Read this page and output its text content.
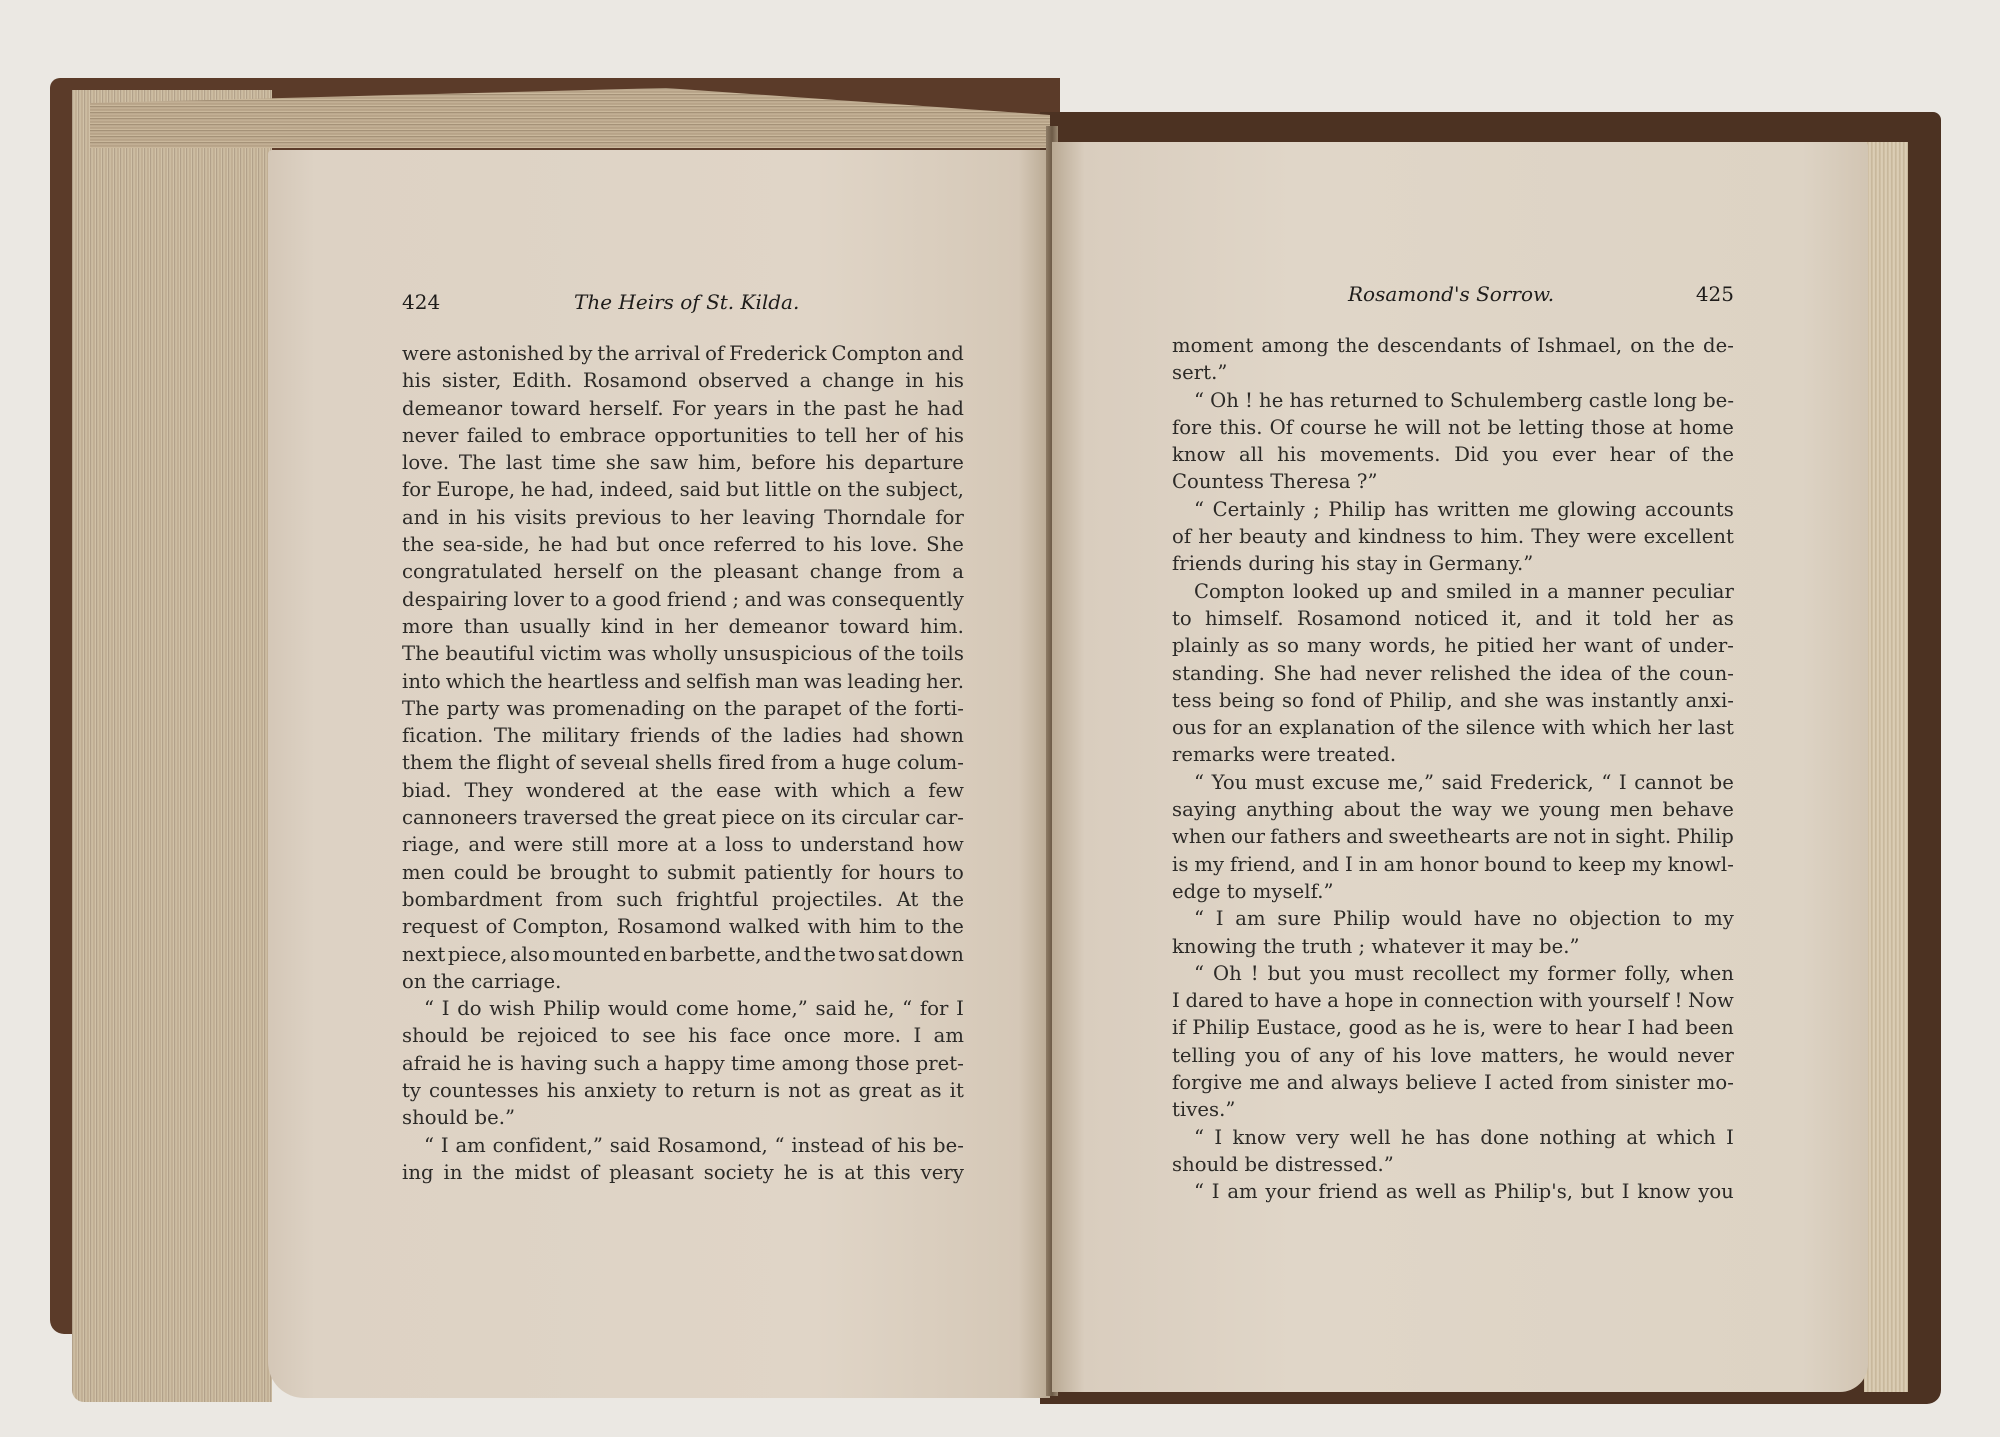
424	The Heirs of St. Kilda.
were astonished by the arrival of Frederick Compton and
his sister, Edith. Rosamond observed a change in his
demeanor toward herself. For years in the past he had
never failed to embrace opportunities to tell her of his
love. The last time she saw him, before his departure
for Europe, he had, indeed, said but little on the subject,
and in his visits previous to her leaving Thorndale for
the sea-side, he had but once referred to his love. She
congratulated herself on the pleasant change from a
despairing lover to a good friend ; and was consequently
more than usually kind in her demeanor toward him.
The beautiful victim was wholly unsuspicious of the toils
into which the heartless and selfish man was leading her.
The party was promenading on the parapet of the forti-
fication. The military friends of the ladies had shown
them the flight of seveıal shells fired from a huge colum-
biad. They wondered at the ease with which a few
cannoneers traversed the great piece on its circular car-
riage, and were still more at a loss to understand how
men could be brought to submit patiently for hours to
bombardment from such frightful projectiles. At the
request of Compton, Rosamond walked with him to the
next piece, also mounted en barbette, and the two sat down
on the carriage.
“ I do wish Philip would come home,” said he, “ for I
should be rejoiced to see his face once more. I am
afraid he is having such a happy time among those pret-
ty countesses his anxiety to return is not as great as it
should be.”
“ I am confident,” said Rosamond, “ instead of his be-
ing in the midst of pleasant society he is at this very
Rosamond's Sorrow.	425
moment among the descendants of Ishmael, on the de-
sert.”
“ Oh ! he has returned to Schulemberg castle long be-
fore this. Of course he will not be letting those at home
know all his movements. Did you ever hear of the
Countess Theresa ?”
“ Certainly ; Philip has written me glowing accounts
of her beauty and kindness to him. They were excellent
friends during his stay in Germany.”
Compton looked up and smiled in a manner peculiar
to himself. Rosamond noticed it, and it told her as
plainly as so many words, he pitied her want of under-
standing. She had never relished the idea of the coun-
tess being so fond of Philip, and she was instantly anxi-
ous for an explanation of the silence with which her last
remarks were treated.
“ You must excuse me,” said Frederick, “ I cannot be
saying anything about the way we young men behave
when our fathers and sweethearts are not in sight. Philip
is my friend, and I in am honor bound to keep my knowl-
edge to myself.”
“ I am sure Philip would have no objection to my
knowing the truth ; whatever it may be.”
“ Oh ! but you must recollect my former folly, when
I dared to have a hope in connection with yourself ! Now
if Philip Eustace, good as he is, were to hear I had been
telling you of any of his love matters, he would never
forgive me and always believe I acted from sinister mo-
tives.”
“ I know very well he has done nothing at which I
should be distressed.”
“ I am your friend as well as Philip's, but I know you
